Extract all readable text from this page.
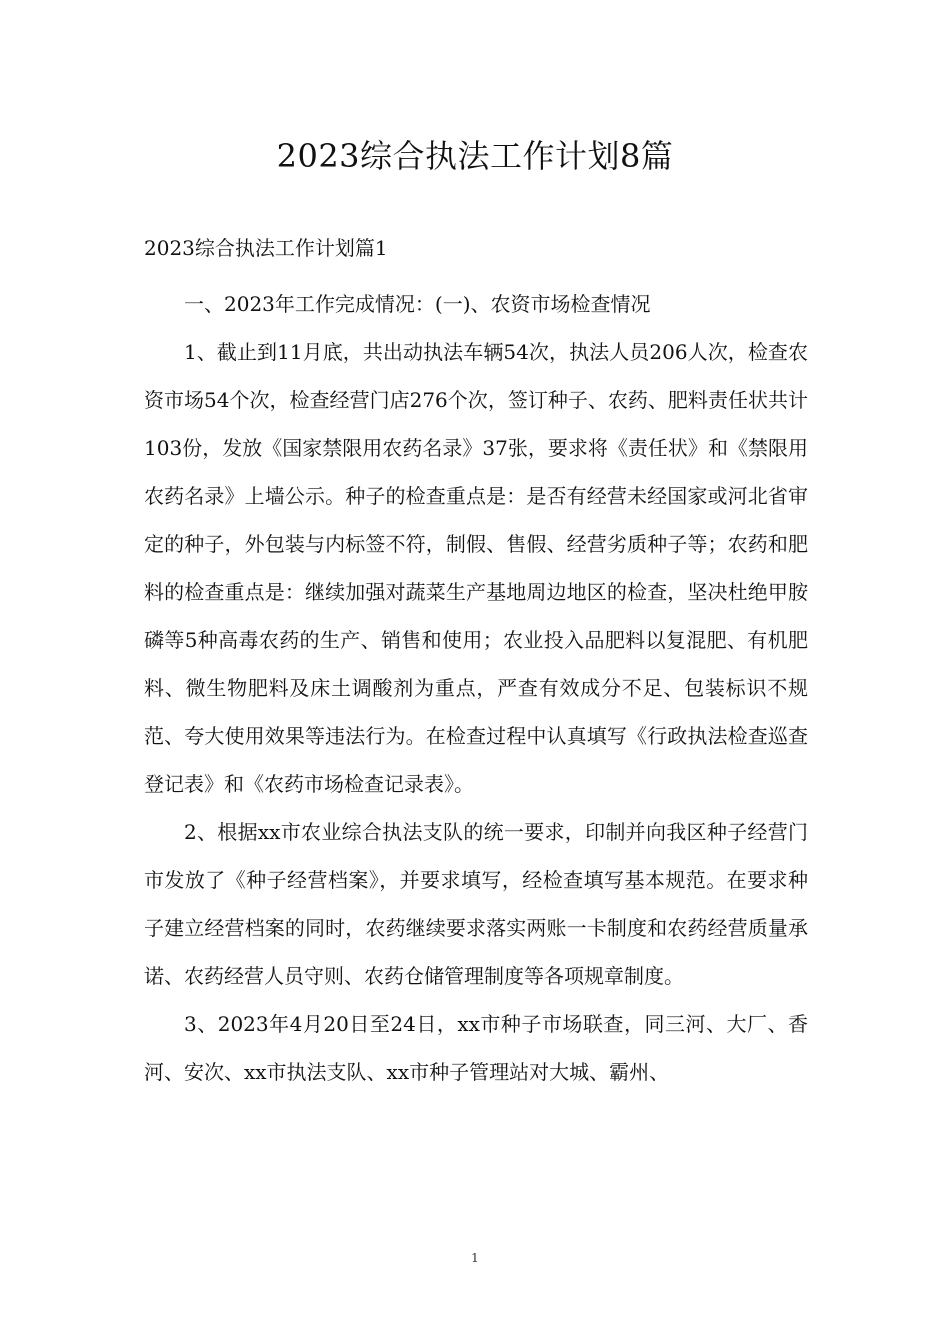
2023综合执法工作计划8篇
2023综合执法工作计划篇1

一、2023年工作完成情况：(一)、农资市场检查情况

1、截止到11月底，共出动执法车辆54次，执法人员206人次，检查农资市场54个次，检查经营门店276个次，签订种子、农药、肥料责任状共计103份，发放《国家禁限用农药名录》37张，要求将《责任状》和《禁限用农药名录》上墙公示。种子的检查重点是：是否有经营未经国家或河北省审定的种子，外包装与内标签不符，制假、售假、经营劣质种子等；农药和肥料的检查重点是：继续加强对蔬菜生产基地周边地区的检查，坚决杜绝甲胺磷等5种高毒农药的生产、销售和使用；农业投入品肥料以复混肥、有机肥料、微生物肥料及床土调酸剂为重点，严查有效成分不足、包装标识不规范、夸大使用效果等违法行为。在检查过程中认真填写《行政执法检查巡查登记表》和《农药市场检查记录表》。

2、根据xx市农业综合执法支队的统一要求，印制并向我区种子经营门市发放了《种子经营档案》，并要求填写，经检查填写基本规范。在要求种子建立经营档案的同时，农药继续要求落实两账一卡制度和农药经营质量承诺、农药经营人员守则、农药仓储管理制度等各项规章制度。

3、2023年4月20日至24日，xx市种子市场联查，同三河、大厂、香河、安次、xx市执法支队、xx市种子管理站对大城、霸州、

1
